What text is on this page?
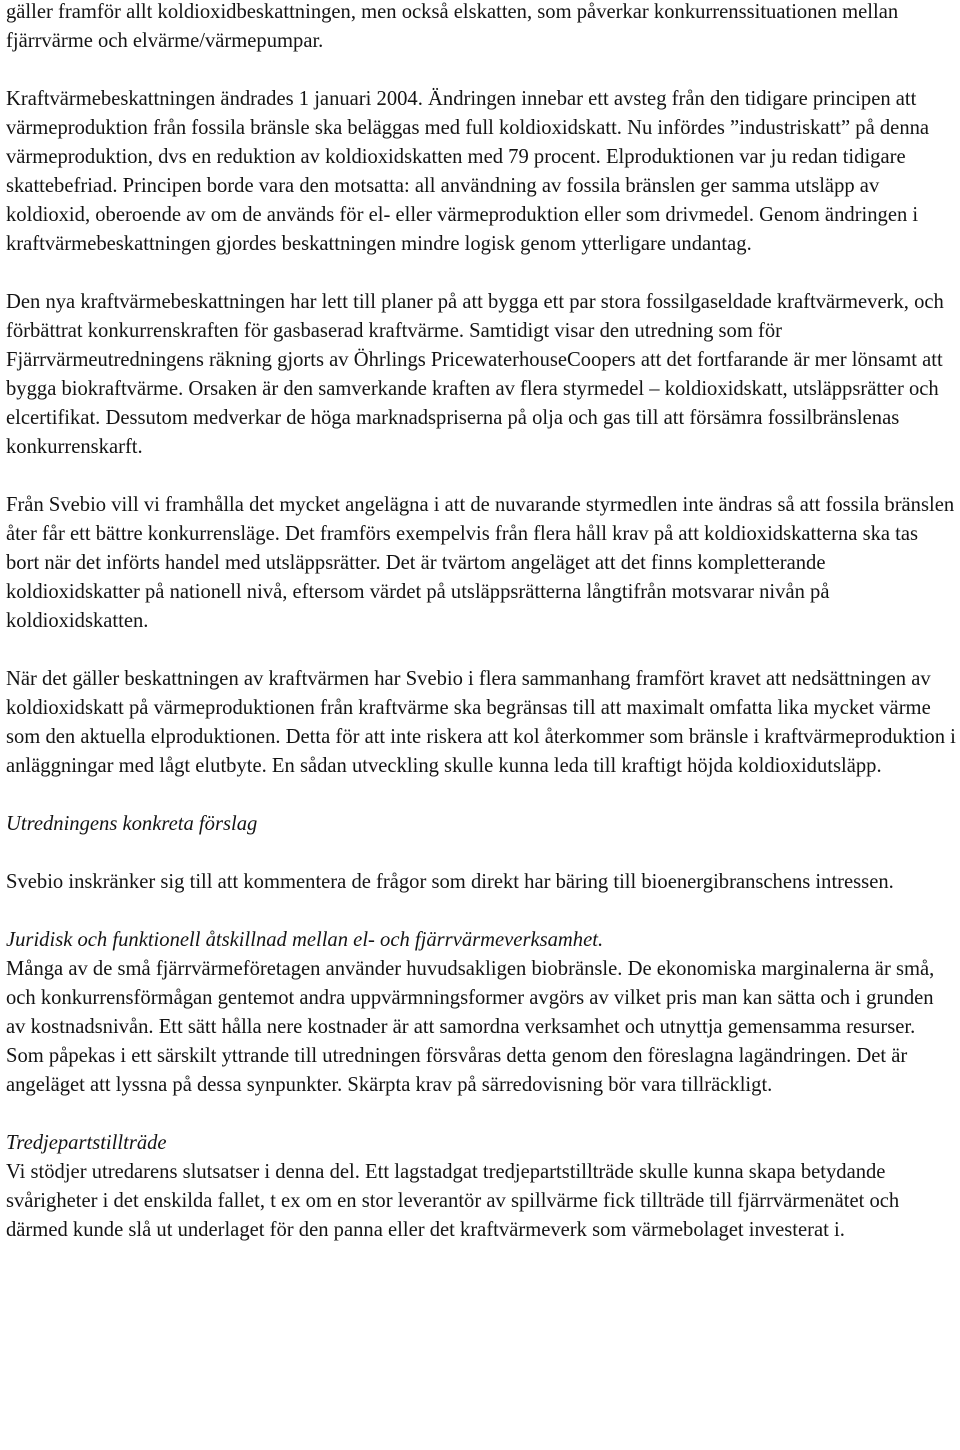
gäller framför allt koldioxidbeskattningen, men också elskatten, som påverkar konkurrenssituationen mellan fjärrvärme och elvärme/värmepumpar.

Kraftvärmebeskattningen ändrades 1 januari 2004. Ändringen innebar ett avsteg från den tidigare principen att värmeproduktion från fossila bränsle ska beläggas med full koldioxidskatt. Nu infördes ”industriskatt” på denna värmeproduktion, dvs en reduktion av koldioxidskatten med 79 procent. Elproduktionen var ju redan tidigare skattebefriad. Principen borde vara den motsatta: all användning av fossila bränslen ger samma utsläpp av koldioxid, oberoende av om de används för el- eller värmeproduktion eller som drivmedel. Genom ändringen i kraftvärmebeskattningen gjordes beskattningen mindre logisk genom ytterligare undantag.

Den nya kraftvärmebeskattningen har lett till planer på att bygga ett par stora fossilgaseldade kraftvärmeverk, och förbättrat konkurrenskraften för gasbaserad kraftvärme. Samtidigt visar den utredning som för Fjärrvärmeutredningens räkning gjorts av Öhrlings PricewaterhouseCoopers att det fortfarande är mer lönsamt att bygga biokraftvärme. Orsaken är den samverkande kraften av flera styrmedel – koldioxidskatt, utsläppsrätter och elcertifikat. Dessutom medverkar de höga marknadspriserna på olja och gas till att försämra fossilbränslenas konkurrenskarft.

Från Svebio vill vi framhålla det mycket angelägna i att de nuvarande styrmedlen inte ändras så att fossila bränslen åter får ett bättre konkurrensläge. Det framförs exempelvis från flera håll krav på att koldioxidskatterna ska tas bort när det införts handel med utsläppsrätter. Det är tvärtom angeläget att det finns kompletterande koldioxidskatter på nationell nivå, eftersom värdet på utsläppsrätterna långtifrån motsvarar nivån på koldioxidskatten.

När det gäller beskattningen av kraftvärmen har Svebio i flera sammanhang framfört kravet att nedsättningen av koldioxidskatt på värmeproduktionen från kraftvärme ska begränsas till att maximalt omfatta lika mycket värme som den aktuella elproduktionen. Detta för att inte riskera att kol återkommer som bränsle i kraftvärmeproduktion i anläggningar med lågt elutbyte. En sådan utveckling skulle kunna leda till kraftigt höjda koldioxidutsläpp.

Utredningens konkreta förslag

Svebio inskränker sig till att kommentera de frågor som direkt har bäring till bioenergibranschens intressen.

Juridisk och funktionell åtskillnad mellan el- och fjärrvärmeverksamhet.

Många av de små fjärrvärmeföretagen använder huvudsakligen biobränsle. De ekonomiska marginalerna är små, och konkurrensförmågan gentemot andra uppvärmningsformer avgörs av vilket pris man kan sätta och i grunden av kostnadsnivån. Ett sätt hålla nere kostnader är att samordna verksamhet och utnyttja gemensamma resurser. Som påpekas i ett särskilt yttrande till utredningen försvåras detta genom den föreslagna lagändringen. Det är angeläget att lyssna på dessa synpunkter. Skärpta krav på särredovisning bör vara tillräckligt.

Tredjepartstillträde

Vi stödjer utredarens slutsatser i denna del. Ett lagstadgat tredjepartstillträde skulle kunna skapa betydande svårigheter i det enskilda fallet, t ex om en stor leverantör av spillvärme fick tillträde till fjärrvärmenätet och därmed kunde slå ut underlaget för den panna eller det kraftvärmeverk som värmebolaget investerat i.
